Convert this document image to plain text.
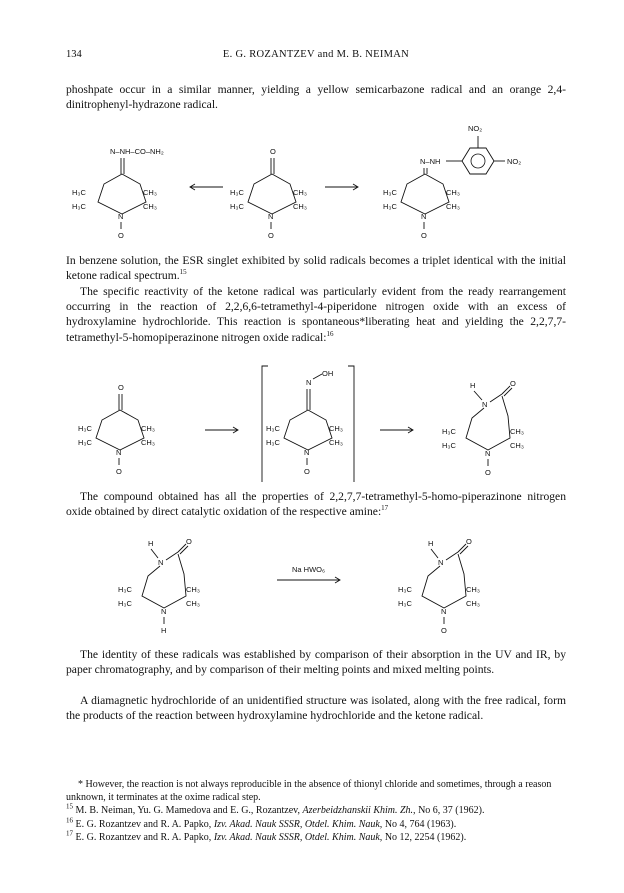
134	E. G. ROZANTZEV and M. B. NEIMAN

phoshpate occur in a similar manner, yielding a yellow semicarbazone radical and an orange 2,4-dinitrophenyl-hydrazone radical.

N–NH–CO–NH₂
H₃C
H₃C
CH₃
CH₃
N
O
O
H₃C
H₃C
CH₃
CH₃
N
O
NO₂
N–NH	NO₂
H₃C
H₃C
CH₃
CH₃
N
O

In benzene solution, the ESR singlet exhibited by solid radicals becomes a triplet identical with the initial ketone radical spectrum.$^{15}$

The specific reactivity of the ketone radical was particularly evident from the ready rearrangement occurring in the reaction of 2,2,6,6-tetramethyl-4-piperidone nitrogen oxide with an excess of hydroxylamine hydrochloride. This reaction is spontaneous*liberating heat and yielding the 2,2,7,7-tetramethyl-5-homopiperazinone nitrogen oxide radical:$^{16}$

O
H₃C
H₃C
CH₃
CH₃
N
O
N
OH
H₃C
H₃C
CH₃
CH₃
N
O
H
N
O
H₃C
H₃C
CH₃
CH₃
N
O

The compound obtained has all the properties of 2,2,7,7-tetramethyl-5-homo-piperazinone nitrogen oxide obtained by direct catalytic oxidation of the respective amine:$^{17}$

H
N
O
H₃C
H₃C
CH₃
CH₃
N
H
Na HWO₆
H
N
O
H₃C
H₃C
CH₃
CH₃
N
O

The identity of these radicals was established by comparison of their absorption in the UV and IR, by paper chromatography, and by comparison of their melting points and mixed melting points.

A diamagnetic hydrochloride of an unidentified structure was isolated, along with the free radical, form the products of the reaction between hydroxylamine hydrochloride and the ketone radical.

* However, the reaction is not always reproducible in the absence of thionyl chloride and sometimes, through a reason unknown, it terminates at the oxime radical step.

$^{15}$ M. B. Neiman, Yu. G. Mamedova and E. G., Rozantzev, Azerbeidzhanskii Khim. Zh., No 6, 37 (1962).

$^{16}$ E. G. Rozantzev and R. A. Papko, Izv. Akad. Nauk SSSR, Otdel. Khim. Nauk, No 4, 764 (1963).

$^{17}$ E. G. Rozantzev and R. A. Papko, Izv. Akad. Nauk SSSR, Otdel. Khim. Nauk, No 12, 2254 (1962).
